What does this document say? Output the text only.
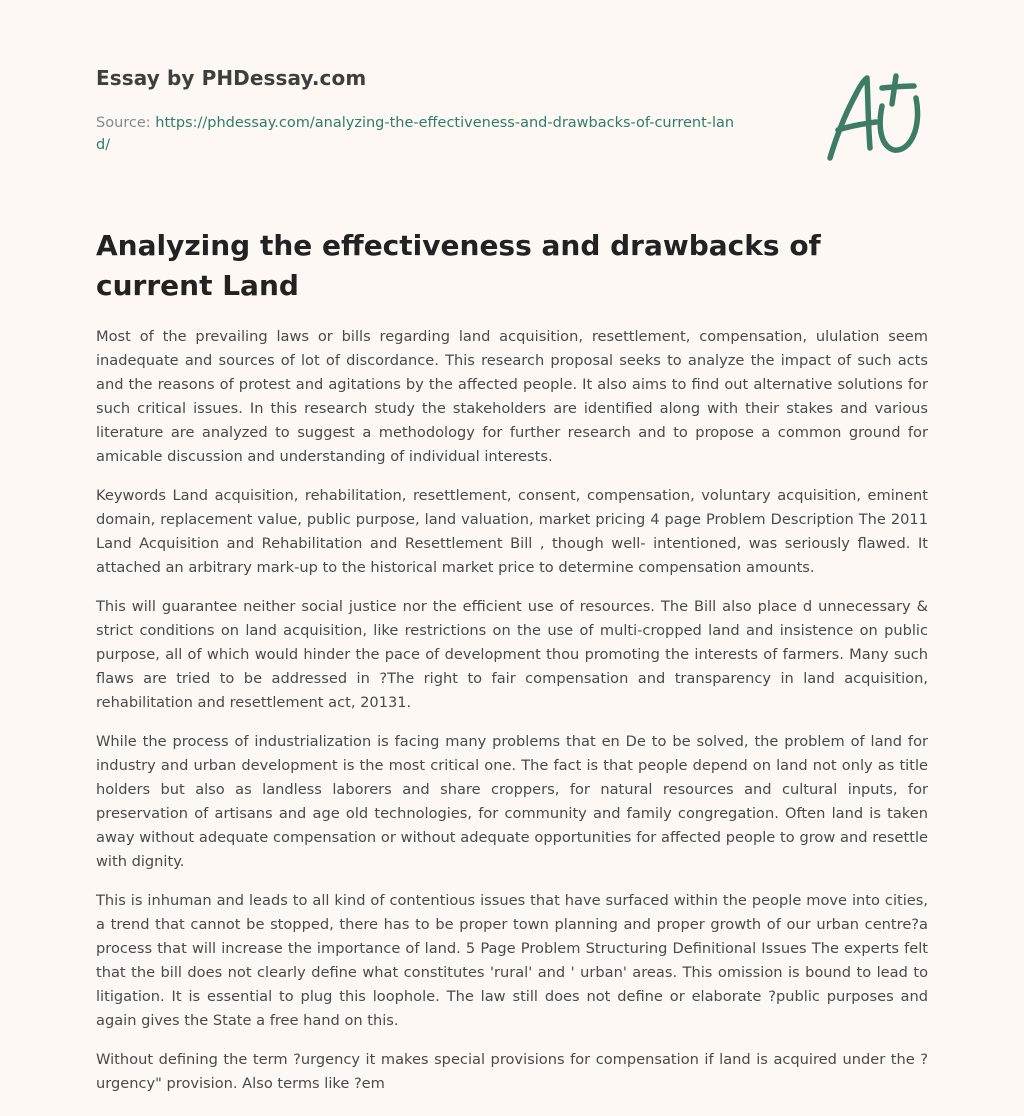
Essay by PHDessay.com
Source: https://phdessay.com/analyzing-the-effectiveness-and-drawbacks-of-current-land/
Analyzing the effectiveness and drawbacks of current Land

Most of the prevailing laws or bills regarding land acquisition, resettlement, compensation, ululation seem inadequate and sources of lot of discordance. This research proposal seeks to analyze the impact of such acts and the reasons of protest and agitations by the affected people. It also aims to find out alternative solutions for such critical issues. In this research study the stakeholders are identified along with their stakes and various literature are analyzed to suggest a methodology for further research and to propose a common ground for amicable discussion and understanding of individual interests.

Keywords Land acquisition, rehabilitation, resettlement, consent, compensation, voluntary acquisition, eminent domain, replacement value, public purpose, land valuation, market pricing 4 page Problem Description The 2011 Land Acquisition and Rehabilitation and Resettlement Bill , though well- intentioned, was seriously flawed. It attached an arbitrary mark-up to the historical market price to determine compensation amounts.

This will guarantee neither social justice nor the efficient use of resources. The Bill also place d unnecessary & strict conditions on land acquisition, like restrictions on the use of multi-cropped land and insistence on public purpose, all of which would hinder the pace of development thou promoting the interests of farmers. Many such flaws are tried to be addressed in ?The right to fair compensation and transparency in land acquisition, rehabilitation and resettlement act, 20131.

While the process of industrialization is facing many problems that en De to be solved, the problem of land for industry and urban development is the most critical one. The fact is that people depend on land not only as title holders but also as landless laborers and share croppers, for natural resources and cultural inputs, for preservation of artisans and age old technologies, for community and family congregation. Often land is taken away without adequate compensation or without adequate opportunities for affected people to grow and resettle with dignity.

This is inhuman and leads to all kind of contentious issues that have surfaced within the people move into cities, a trend that cannot be stopped, there has to be proper town planning and proper growth of our urban centre?a process that will increase the importance of land. 5 Page Problem Structuring Definitional Issues The experts felt that the bill does not clearly define what constitutes 'rural' and ' urban' areas. This omission is bound to lead to litigation. It is essential to plug this loophole. The law still does not define or elaborate ?public purposes and again gives the State a free hand on this.

Without defining the term ?urgency it makes special provisions for compensation if land is acquired under the ?urgency" provision. Also terms like ?em
